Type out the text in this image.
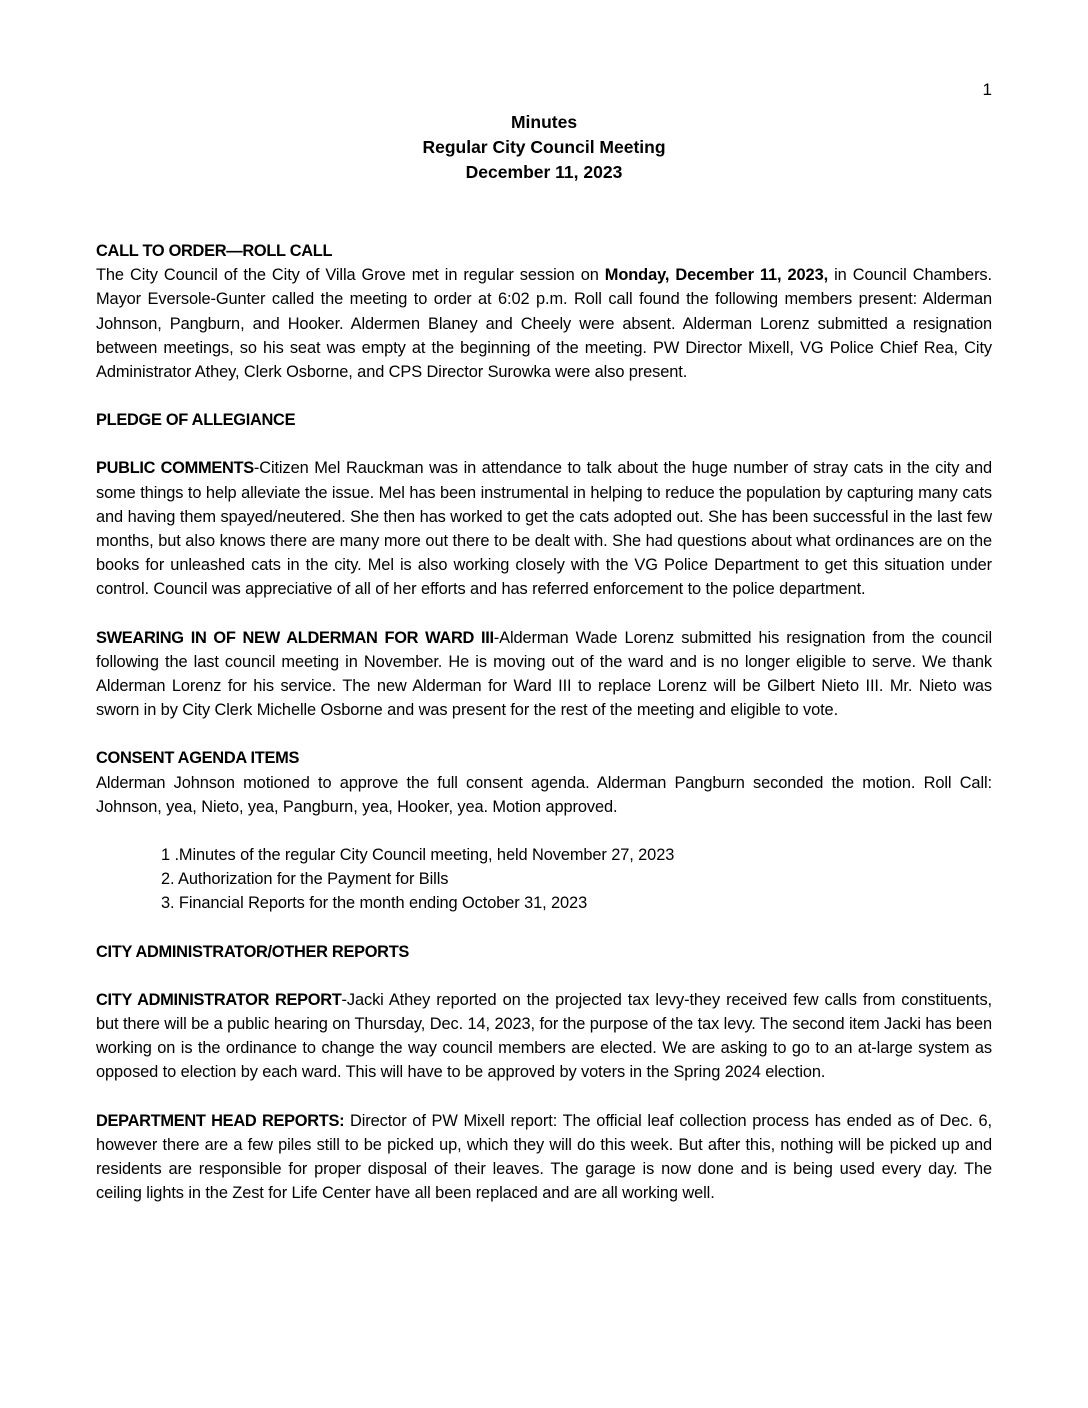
1
Minutes
Regular City Council Meeting
December 11, 2023
CALL TO ORDER—ROLL CALL
The City Council of the City of Villa Grove met in regular session on Monday, December 11, 2023, in Council Chambers. Mayor Eversole-Gunter called the meeting to order at 6:02 p.m. Roll call found the following members present: Alderman Johnson, Pangburn, and Hooker. Aldermen Blaney and Cheely were absent. Alderman Lorenz submitted a resignation between meetings, so his seat was empty at the beginning of the meeting. PW Director Mixell, VG Police Chief Rea, City Administrator Athey, Clerk Osborne, and CPS Director Surowka were also present.
PLEDGE OF ALLEGIANCE
PUBLIC COMMENTS-Citizen Mel Rauckman was in attendance to talk about the huge number of stray cats in the city and some things to help alleviate the issue. Mel has been instrumental in helping to reduce the population by capturing many cats and having them spayed/neutered. She then has worked to get the cats adopted out. She has been successful in the last few months, but also knows there are many more out there to be dealt with. She had questions about what ordinances are on the books for unleashed cats in the city. Mel is also working closely with the VG Police Department to get this situation under control. Council was appreciative of all of her efforts and has referred enforcement to the police department.
SWEARING IN OF NEW ALDERMAN FOR WARD III-Alderman Wade Lorenz submitted his resignation from the council following the last council meeting in November. He is moving out of the ward and is no longer eligible to serve. We thank Alderman Lorenz for his service. The new Alderman for Ward III to replace Lorenz will be Gilbert Nieto III. Mr. Nieto was sworn in by City Clerk Michelle Osborne and was present for the rest of the meeting and eligible to vote.
CONSENT AGENDA ITEMS
Alderman Johnson motioned to approve the full consent agenda. Alderman Pangburn seconded the motion. Roll Call: Johnson, yea, Nieto, yea, Pangburn, yea, Hooker, yea. Motion approved.
1 .Minutes of the regular City Council meeting, held November 27, 2023
2. Authorization for the Payment for Bills
3. Financial Reports for the month ending October 31, 2023
CITY ADMINISTRATOR/OTHER REPORTS
CITY ADMINISTRATOR REPORT-Jacki Athey reported on the projected tax levy-they received few calls from constituents, but there will be a public hearing on Thursday, Dec. 14, 2023, for the purpose of the tax levy. The second item Jacki has been working on is the ordinance to change the way council members are elected. We are asking to go to an at-large system as opposed to election by each ward. This will have to be approved by voters in the Spring 2024 election.
DEPARTMENT HEAD REPORTS: Director of PW Mixell report: The official leaf collection process has ended as of Dec. 6, however there are a few piles still to be picked up, which they will do this week. But after this, nothing will be picked up and residents are responsible for proper disposal of their leaves. The garage is now done and is being used every day. The ceiling lights in the Zest for Life Center have all been replaced and are all working well.
